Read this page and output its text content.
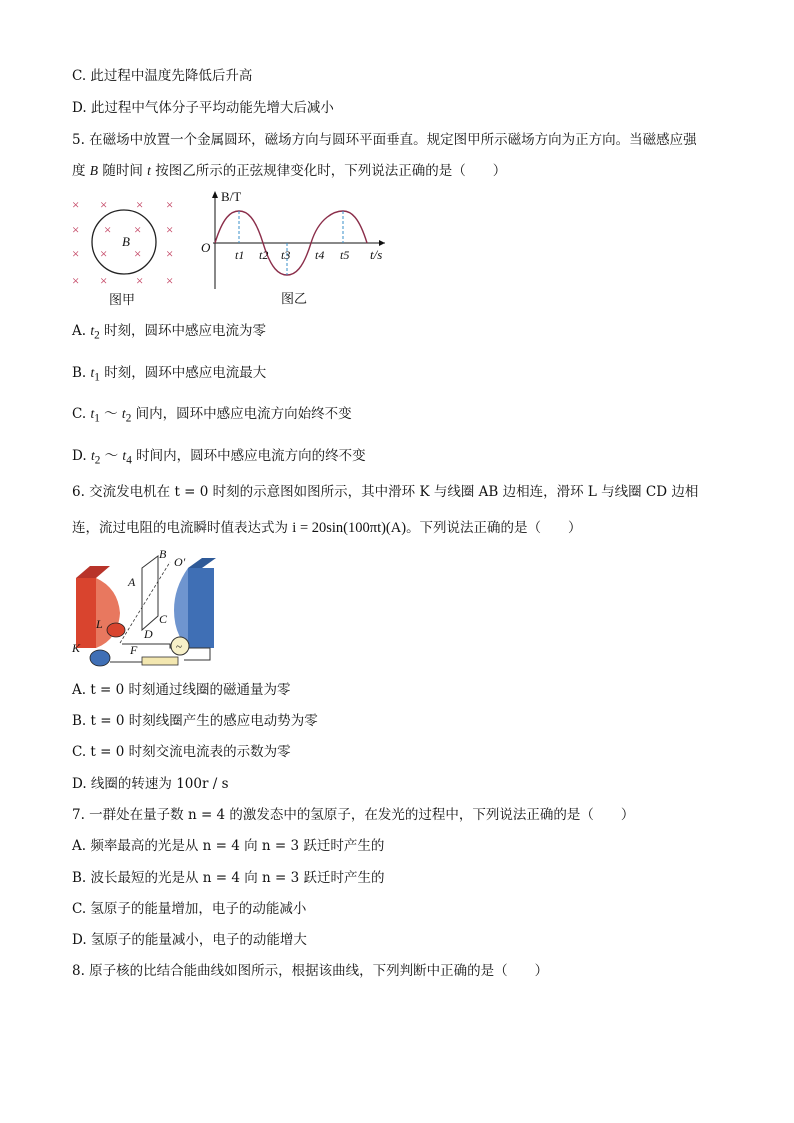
C. 此过程中温度先降低后升高
D. 此过程中气体分子平均动能先增大后减小
5. 在磁场中放置一个金属圆环，磁场方向与圆环平面垂直。规定图甲所示磁场方向为正方向。当磁感应强
度 B 随时间 t 按图乙所示的正弦规律变化时，下列说法正确的是（　　）
× × × ×
× × × ×
× × × ×
× × × ×
B
图甲
B/T
t/s
O t1 t2 t3 t4 t5
图乙
A. $t_2$ 时刻，圆环中感应电流为零
B. $t_1$ 时刻，圆环中感应电流最大
C. $t_1$ ～ $t_2$ 间内，圆环中感应电流方向始终不变
D. $t_2$ ～ $t_4$ 时间内，圆环中感应电流方向的终不变
6. 交流发电机在 t = 0 时刻的示意图如图所示，其中滑环 K 与线圈 AB 边相连，滑环 L 与线圈 CD 边相
连，流过电阻的电流瞬时值表达式为 i = 20sin(100πt)(A)。下列说法正确的是（　　）
B
O′
A
C
D
F
L
K	~
A. t = 0 时刻通过线圈的磁通量为零
B. t = 0 时刻线圈产生的感应电动势为零
C. t = 0 时刻交流电流表的示数为零
D. 线圈的转速为 100r / s
7. 一群处在量子数 n = 4 的激发态中的氢原子，在发光的过程中，下列说法正确的是（　　）
A. 频率最高的光是从 n = 4 向 n = 3 跃迁时产生的
B. 波长最短的光是从 n = 4 向 n = 3 跃迁时产生的
C. 氢原子的能量增加，电子的动能减小
D. 氢原子的能量减小，电子的动能增大
8. 原子核的比结合能曲线如图所示，根据该曲线，下列判断中正确的是（　　）
